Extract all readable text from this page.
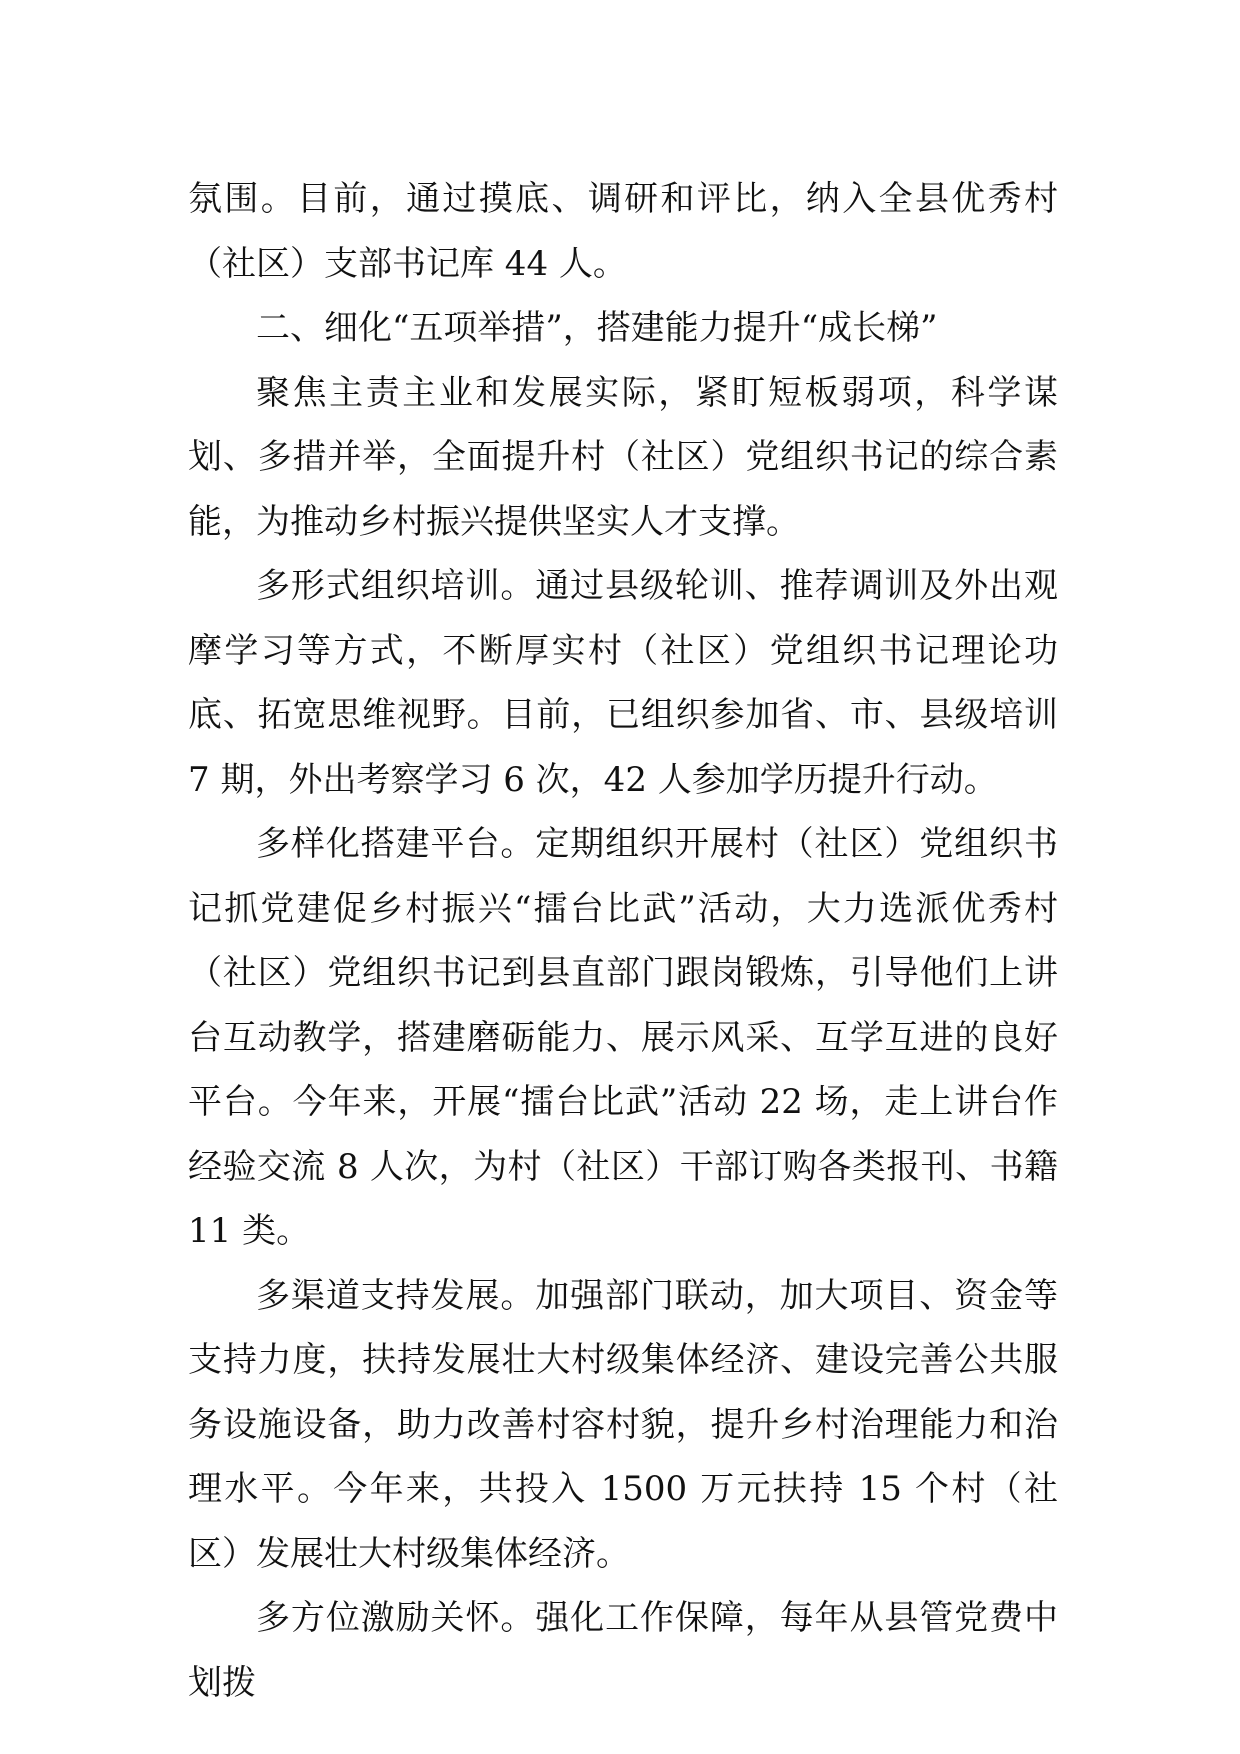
氛围。目前，通过摸底、调研和评比，纳入全县优秀村（社区）支部书记库 44 人。

二、细化“五项举措”，搭建能力提升“成长梯”

聚焦主责主业和发展实际，紧盯短板弱项，科学谋划、多措并举，全面提升村（社区）党组织书记的综合素能，为推动乡村振兴提供坚实人才支撑。

多形式组织培训。通过县级轮训、推荐调训及外出观摩学习等方式，不断厚实村（社区）党组织书记理论功底、拓宽思维视野。目前，已组织参加省、市、县级培训 7 期，外出考察学习 6 次，42 人参加学历提升行动。

多样化搭建平台。定期组织开展村（社区）党组织书记抓党建促乡村振兴“擂台比武”活动，大力选派优秀村（社区）党组织书记到县直部门跟岗锻炼，引导他们上讲台互动教学，搭建磨砺能力、展示风采、互学互进的良好平台。今年来，开展“擂台比武”活动 22 场，走上讲台作经验交流 8 人次，为村（社区）干部订购各类报刊、书籍 11 类。

多渠道支持发展。加强部门联动，加大项目、资金等支持力度，扶持发展壮大村级集体经济、建设完善公共服务设施设备，助力改善村容村貌，提升乡村治理能力和治理水平。今年来，共投入 1500 万元扶持 15 个村（社区）发展壮大村级集体经济。

多方位激励关怀。强化工作保障，每年从县管党费中划拨
